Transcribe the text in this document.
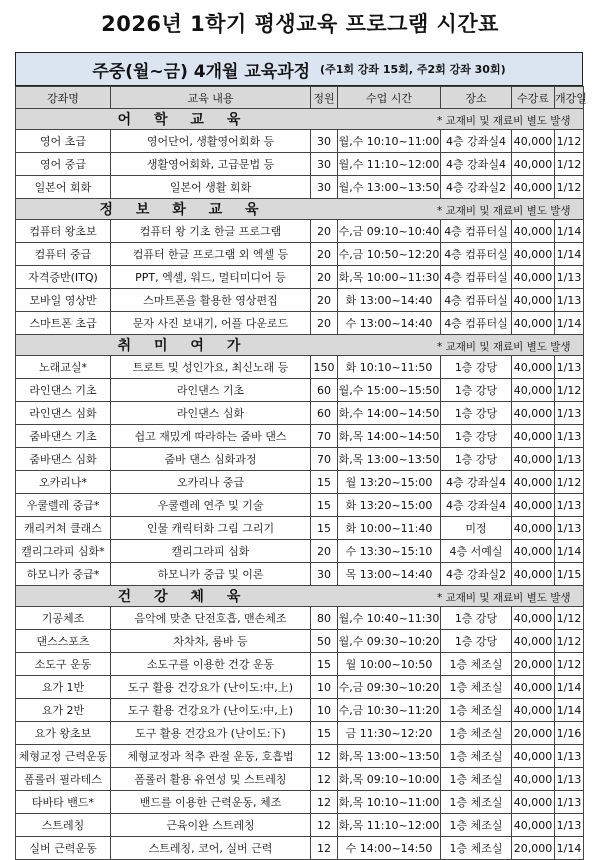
2026년 1학기 평생교육 프로그램 시간표
주중(월~금) 4개월 교육과정 (주1회 강좌 15회, 주2회 강좌 30회)
강좌명	교육 내용	정원	수업 시간	장소	수강료	개강일
어 학 교 육 * 교재비 및 재료비 별도 발생						
영어 초급	영어단어, 생활영어회화 등	30	월,수 10:10~11:00	4층 강좌실4	40,000	1/12
영어 중급	생활영어회화, 고급문법 등	30	월,수 11:10~12:00	4층 강좌실4	40,000	1/12
일본어 회화	일본어 생활 회화	30	월,수 13:00~13:50	4층 강좌실2	40,000	1/12
정 보 화 교 육 * 교재비 및 재료비 별도 발생						
컴퓨터 왕초보	컴퓨터 왕 기초 한글 프로그램	20	수,금 09:10~10:40	4층 컴퓨터실	40,000	1/14
컴퓨터 중급	컴퓨터 한글 프로그램 외 엑셀 등	20	수,금 10:50~12:20	4층 컴퓨터실	40,000	1/14
자격증반(ITQ)	PPT, 엑셀, 워드, 멀티미디어 등	20	화,목 10:00~11:30	4층 컴퓨터실	40,000	1/13
모바일 영상반	스마트폰을 활용한 영상편집	20	화 13:00~14:40	4층 컴퓨터실	40,000	1/13
스마트폰 초급	문자 사진 보내기, 어플 다운로드	20	수 13:00~14:40	4층 컴퓨터실	40,000	1/14
취 미 여 가 * 교재비 및 재료비 별도 발생						
노래교실*	트로트 및 성인가요, 최신노래 등	150	화 10:10~11:50	1층 강당	40,000	1/13
라인댄스 기초	라인댄스 기초	60	월,수 15:00~15:50	1층 강당	40,000	1/12
라인댄스 심화	라인댄스 심화	60	화,수 14:00~14:50	1층 강당	40,000	1/13
줌바댄스 기초	쉽고 재밌게 따라하는 줌바 댄스	70	화,목 14:00~14:50	1층 강당	40,000	1/13
줌바댄스 심화	줌바 댄스 심화과정	70	화,목 13:00~13:50	1층 강당	40,000	1/13
오카리나*	오카리나 중급	15	월 13:20~15:00	4층 강좌실4	40,000	1/12
우쿨렐레 중급*	우쿨렐레 연주 및 기술	15	화 13:20~15:00	4층 강좌실4	40,000	1/13
캐리커쳐 클래스	인물 캐릭터화 그림 그리기	15	화 10:00~11:40	미정	40,000	1/13
캘리그라피 심화*	캘리그라피 심화	20	수 13:30~15:10	4층 서예실	40,000	1/14
하모니카 중급*	하모니카 중급 및 이론	30	목 13:00~14:40	4층 강좌실2	40,000	1/15
건 강 체 육 * 교재비 및 재료비 별도 발생						
기공체조	음악에 맞춘 단전호흡, 맨손체조	80	월,수 10:40~11:30	1층 강당	40,000	1/12
댄스스포츠	차차차, 룸바 등	50	월,수 09:30~10:20	1층 강당	40,000	1/12
소도구 운동	소도구를 이용한 건강 운동	15	월 10:00~10:50	1층 체조실	20,000	1/12
요가 1반	도구 활용 건강요가 (난이도:中,上)	10	수,금 09:30~10:20	1층 체조실	40,000	1/14
요가 2반	도구 활용 건강요가 (난이도:中,上)	10	수,금 10:30~11:20	1층 체조실	40,000	1/14
요가 왕초보	도구 활용 건강요가 (난이도:下)	15	금 11:30~12:20	1층 체조실	20,000	1/16
체형교정 근력운동	체형교정과 척추 관절 운동, 호흡법	12	화,목 13:00~13:50	1층 체조실	40,000	1/13
폼롤러 필라테스	폼롤러 활용 유연성 및 스트레칭	12	화,목 09:10~10:00	1층 체조실	40,000	1/13
타바타 밴드*	밴드를 이용한 근력운동, 체조	12	화,목 10:10~11:00	1층 체조실	40,000	1/13
스트레칭	근육이완 스트레칭	12	화,목 11:10~12:00	1층 체조실	40,000	1/13
실버 근력운동	스트레칭, 코어, 실버 근력	12	수 14:00~14:50	1층 체조실	20,000	1/14
